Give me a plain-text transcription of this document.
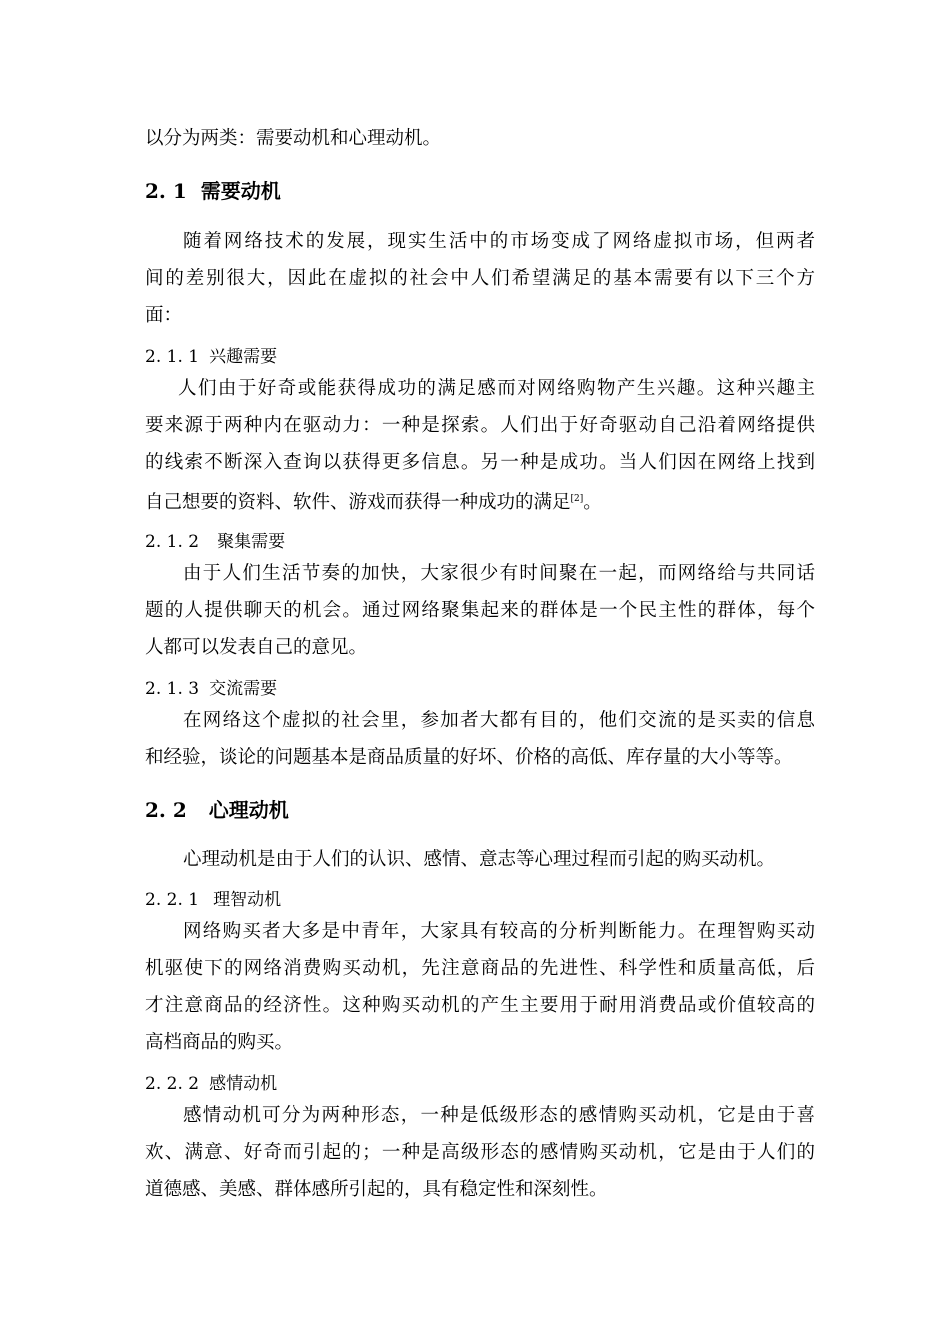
以分为两类：需要动机和心理动机。
2. 1 需要动机
随着网络技术的发展，现实生活中的市场变成了网络虚拟市场，但两者
间的差别很大，因此在虚拟的社会中人们希望满足的基本需要有以下三个方
面：
2. 1. 1 兴趣需要
人们由于好奇或能获得成功的满足感而对网络购物产生兴趣。这种兴趣主
要来源于两种内在驱动力：一种是探索。人们出于好奇驱动自己沿着网络提供
的线索不断深入查询以获得更多信息。另一种是成功。当人们因在网络上找到
自己想要的资料、软件、游戏而获得一种成功的满足[2]。
2. 1. 2 聚集需要
由于人们生活节奏的加快，大家很少有时间聚在一起，而网络给与共同话
题的人提供聊天的机会。通过网络聚集起来的群体是一个民主性的群体，每个
人都可以发表自己的意见。
2. 1. 3 交流需要
在网络这个虚拟的社会里，参加者大都有目的，他们交流的是买卖的信息
和经验，谈论的问题基本是商品质量的好坏、价格的高低、库存量的大小等等。
2. 2 心理动机
心理动机是由于人们的认识、感情、意志等心理过程而引起的购买动机。
2. 2. 1 理智动机
网络购买者大多是中青年，大家具有较高的分析判断能力。在理智购买动
机驱使下的网络消费购买动机，先注意商品的先进性、科学性和质量高低，后
才注意商品的经济性。这种购买动机的产生主要用于耐用消费品或价值较高的
高档商品的购买。
2. 2. 2 感情动机
感情动机可分为两种形态，一种是低级形态的感情购买动机，它是由于喜
欢、满意、好奇而引起的；一种是高级形态的感情购买动机，它是由于人们的
道德感、美感、群体感所引起的，具有稳定性和深刻性。
